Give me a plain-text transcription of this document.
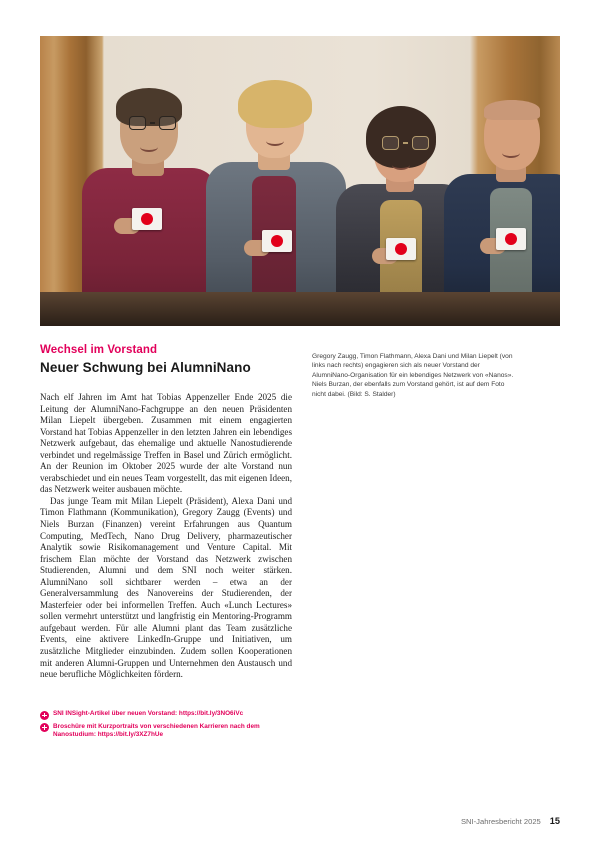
Wechsel im Vorstand
Neuer Schwung bei AlumniNano

Nach elf Jahren im Amt hat Tobias Appenzeller Ende 2025 die Leitung der AlumniNano-Fachgruppe an den neuen Präsidenten Milan Liepelt übergeben. Zusammen mit einem engagierten Vorstand hat Tobias Appenzeller in den letzten Jahren ein lebendiges Netzwerk aufgebaut, das ehemalige und aktuelle Nanostudierende verbindet und regelmässige Treffen in Basel und Zürich ermöglicht. An der Reunion im Oktober 2025 wurde der alte Vorstand nun verabschiedet und ein neues Team vorgestellt, das mit eigenen Ideen, das Netzwerk weiter ausbauen möchte.

Das junge Team mit Milan Liepelt (Präsident), Alexa Dani und Timon Flathmann (Kommunikation), Gregory Zaugg (Events) und Niels Burzan (Finanzen) vereint Erfahrungen aus Quantum Computing, MedTech, Nano Drug Delivery, pharmazeutischer Analytik sowie Risikomanagement und Venture Capital. Mit frischem Elan möchte der Vorstand das Netzwerk zwischen Studierenden, Alumni und dem SNI noch weiter stärken. AlumniNano soll sichtbarer werden – etwa an der Generalversammlung des Nanovereins der Studierenden, der Masterfeier oder bei informellen Treffen. Auch «Lunch Lectures» sollen vermehrt unterstützt und langfristig ein Mentoring-Programm aufgebaut werden. Für alle Alumni plant das Team zusätzliche Events, eine aktivere LinkedIn-Gruppe und Initiativen, um zusätzliche Mitglieder einzubinden. Zudem sollen Kooperationen mit anderen Alumni-Gruppen und Unternehmen den Austausch und neue berufliche Möglichkeiten fördern.

Gregory Zaugg, Timon Flathmann, Alexa Dani und Milan Liepelt (von links nach rechts) engagieren sich als neuer Vorstand der AlumniNano-Organisation für ein lebendiges Netzwerk von «Nanos». Niels Burzan, der ebenfalls zum Vorstand gehört, ist auf dem Foto nicht dabei. (Bild: S. Stalder)
SNI INSight-Artikel über neuen Vorstand: https://bit.ly/3NO6iVc
Broschüre mit Kurzportraits von verschiedenen Karrieren nach dem Nanostudium: https://bit.ly/3XZ7hUe
SNI-Jahresbericht 2025 15
